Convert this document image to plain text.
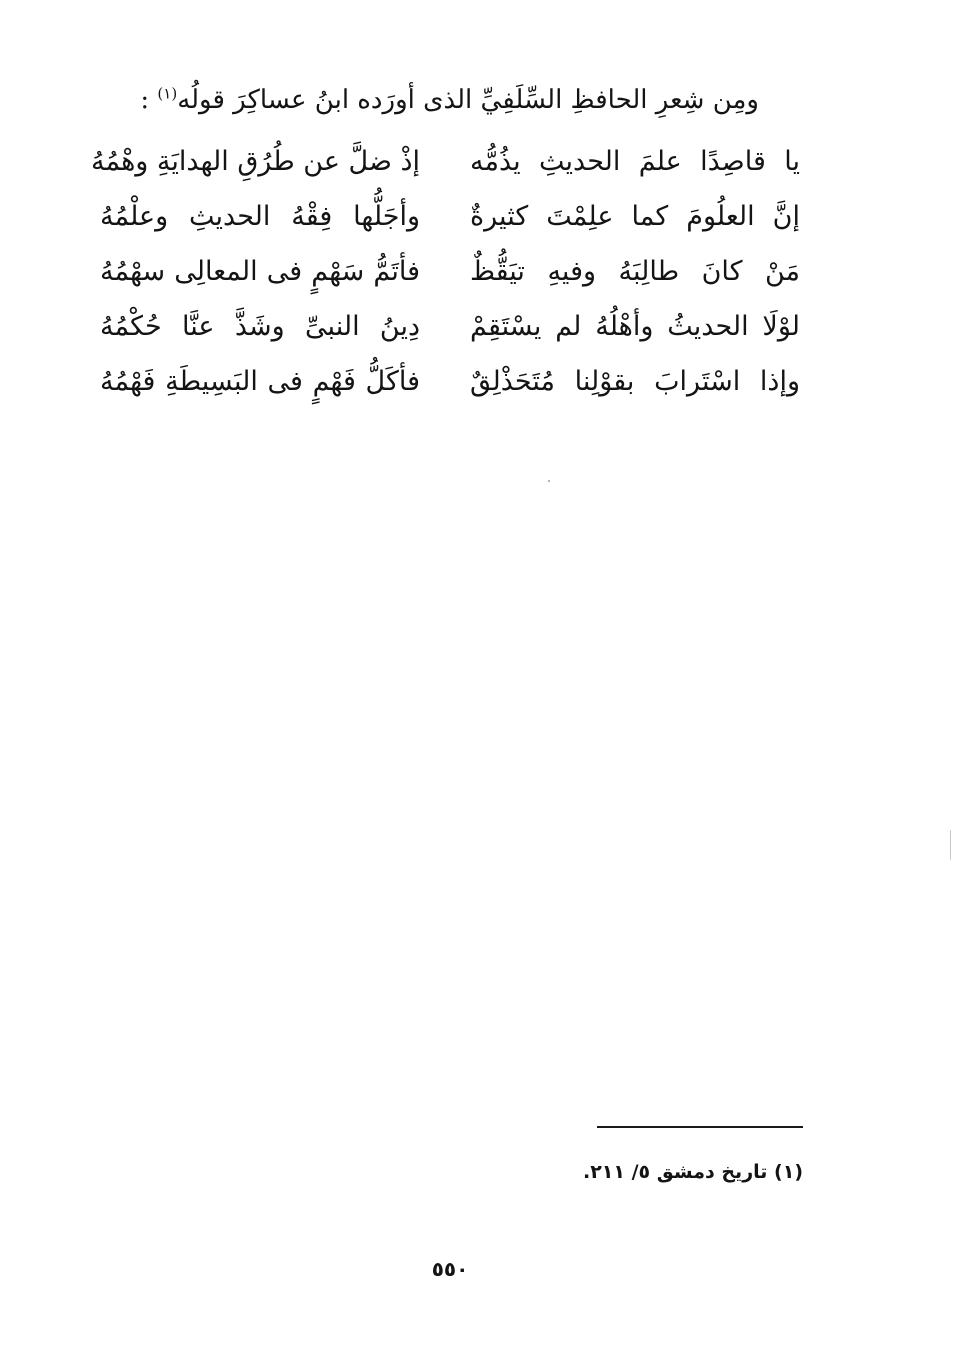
ومِن شِعرِ الحافظِ السِّلَفِيِّ الذى أورَده ابنُ عساكِرَ قولُه$^{(١)}$ :
يا قاصِدًا علمَ الحديثِ يذُمُّه
إذْ ضلَّ عن طُرُقِ الهدايَةِ وهْمُهُ
إنَّ العلُومَ كما علِمْتَ كثيرةٌ
وأجَلُّها فِقْهُ الحديثِ وعلْمُهُ
مَنْ كانَ طالِبَهُ وفيهِ تيَقُّظٌ
فأتَمُّ سَهْمٍ فى المعالِى سهْمُهُ
لوْلَا الحديثُ وأهْلُهُ لم يسْتَقِمْ
دِينُ النبىِّ وشَذَّ عنَّا حُكْمُهُ
وإذا اسْتَرابَ بقوْلِنا مُتَحَذْلِقٌ
فأكَلُّ فَهْمٍ فى البَسِيطَةِ فَهْمُهُ
(١) تاريخ دمشق ٥/ ٢١١.
٥٥٠
